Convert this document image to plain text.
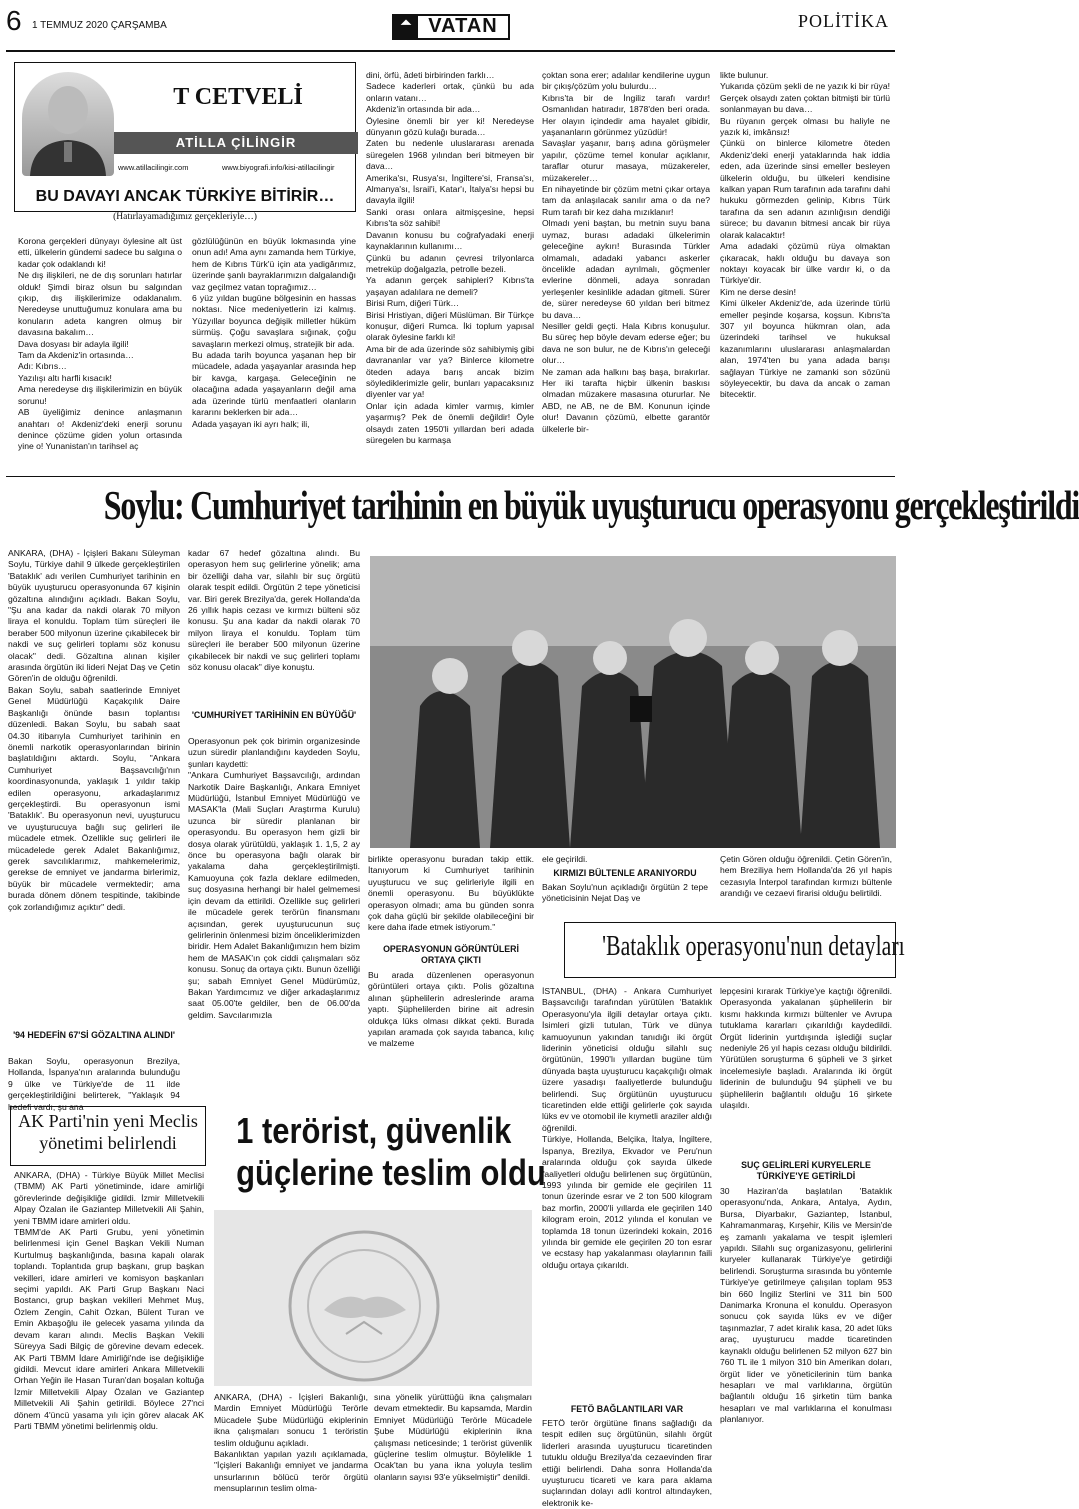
6 1 TEMMUZ 2020 ÇARŞAMBA	◢◣ VATAN	POLİTİKA
T CETVELİ
ATİLLA ÇİLİNGİR
www.atillacilingir.com	www.biyografi.info/kisi-atillacilingir
BU DAVAYI ANCAK TÜRKİYE BİTİRİR…
(Hatırlayamadığımız gerçekleriyle…)
Korona gerçekleri dünyayı öylesine alt üst etti, ülkelerin gündemi sadece bu salgına o kadar çok odaklandı ki!
Ne dış ilişkileri, ne de dış sorunları hatırlar olduk! Şimdi biraz olsun bu salgından çıkıp, dış ilişkilerimize odaklanalım. Neredeyse unuttuğumuz konulara ama bu konuların adeta kangren olmuş bir davasına bakalım…
Dava dosyası bir adayla ilgili!
Tam da Akdeniz'in ortasında…
Adı: Kıbrıs…
Yazılışı altı harfli kısacık!
Ama neredeyse dış ilişkilerimizin en büyük sorunu!
AB üyeliğimiz denince anlaşmanın anahtarı o! Akdeniz'deki enerji sorunu denince çözüme giden yolun ortasında yine o! Yunanistan'ın tarihsel aç
gözlülüğünün en büyük lokmasında yine onun adı! Ama aynı zamanda hem Türkiye, hem de Kıbrıs Türk'ü için ata yadigârımız, üzerinde şanlı bayraklarımızın dalgalandığı vaz geçilmez vatan toprağımız…
6 yüz yıldan bugüne bölgesinin en hassas noktası. Nice medeniyetlerin izi kalmış. Yüzyıllar boyunca değişik milletler hüküm sürmüş. Çoğu savaşlara sığınak, çoğu savaşların merkezi olmuş, stratejik bir ada.
Bu adada tarih boyunca yaşanan hep bir mücadele, adada yaşayanlar arasında hep bir kavga, kargaşa. Geleceğinin ne olacağına adada yaşayanların değil ama ada üzerinde türlü menfaatleri olanların kararını beklerken bir ada…
Adada yaşayan iki ayrı halk; ili,
dini, örfü, âdeti birbirinden farklı…
Sadece kaderleri ortak, çünkü bu ada onların vatanı…
Akdeniz'in ortasında bir ada…
Öylesine önemli bir yer ki! Neredeyse dünyanın gözü kulağı burada…
Zaten bu nedenle uluslararası arenada süregelen 1968 yılından beri bitmeyen bir dava…
Amerika'sı, Rusya'sı, İngiltere'si, Fransa'sı, Almanya'sı, İsrail'i, Katar'ı, İtalya'sı hepsi bu davayla ilgili!
Sanki orası onlara aitmişçesine, hepsi Kıbrıs'ta söz sahibi!
Davanın konusu bu coğrafyadaki enerji kaynaklarının kullanımı…
Çünkü bu adanın çevresi trilyonlarca metreküp doğalgazla, petrolle bezeli.
Ya adanın gerçek sahipleri? Kıbrıs'ta yaşayan adalılara ne demeli?
Birisi Rum, diğeri Türk…
Birisi Hristiyan, diğeri Müslüman. Bir Türkçe konuşur, diğeri Rumca. İki toplum yapısal olarak öylesine farklı ki!
Ama bir de ada üzerinde söz sahibiymiş gibi davrananlar var ya? Binlerce kilometre öteden adaya barış ancak bizim söylediklerimizle gelir, bunları yapacaksınız diyenler var ya!
Onlar için adada kimler varmış, kimler yaşarmış? Pek de önemli değildir! Öyle olsaydı zaten 1950'li yıllardan beri adada süregelen bu karmaşa
çoktan sona erer; adalılar kendilerine uygun bir çıkış/çözüm yolu bulurdu…
Kıbrıs'ta bir de İngiliz tarafı vardır! Osmanlıdan hatıradır, 1878'den beri orada. Her olayın içindedir ama hayalet gibidir, yaşananların görünmez yüzüdür!
Savaşlar yaşanır, barış adına görüşmeler yapılır, çözüme temel konular açıklanır, taraflar oturur masaya, müzakereler, müzakereler…
En nihayetinde bir çözüm metni çıkar ortaya tam da anlaşılacak sanılır ama o da ne? Rum tarafı bir kez daha mızıklanır!
Olmadı yeni baştan, bu metnin suyu bana uymaz, burası adadaki ülkelerimin geleceğine aykırı! Burasında Türkler olmamalı, adadaki yabancı askerler öncelikle adadan ayrılmalı, göçmenler evlerine dönmeli, adaya sonradan yerleşenler kesinlikle adadan gitmeli. Sürer de, sürer neredeyse 60 yıldan beri bitmez bu dava…
Nesiller geldi geçti. Hala Kıbrıs konuşulur. Bu süreç hep böyle devam ederse eğer; bu dava ne son bulur, ne de Kıbrıs'ın geleceği olur…
Ne zaman ada halkını baş başa, bırakırlar. Her iki tarafta hiçbir ülkenin baskısı olmadan müzakere masasına otururlar. Ne ABD, ne AB, ne de BM. Konunun içinde olur! Davanın çözümü, elbette garantör ülkelerle bir-
likte bulunur.
Yukarıda çözüm şekli de ne yazık ki bir rüya! Gerçek olsaydı zaten çoktan bitmişti bir türlü sonlanmayan bu dava…
Bu rüyanın gerçek olması bu haliyle ne yazık ki, imkânsız!
Çünkü on binlerce kilometre öteden Akdeniz'deki enerji yataklarında hak iddia eden, ada üzerinde sinsi emeller besleyen ülkelerin olduğu, bu ülkeleri kendisine kalkan yapan Rum tarafının ada tarafını dahi hukuku görmezden gelinip, Kıbrıs Türk tarafına da sen adanın azınlığısın dendiği sürece; bu davanın bitmesi ancak bir rüya olarak kalacaktır!
Ama adadaki çözümü rüya olmaktan çıkaracak, haklı olduğu bu davaya son noktayı koyacak bir ülke vardır ki, o da Türkiye'dir.
Kim ne derse desin!
Kimi ülkeler Akdeniz'de, ada üzerinde türlü emeller peşinde koşarsa, koşsun. Kıbrıs'ta 307 yıl boyunca hükmran olan, ada üzerindeki tarihsel ve hukuksal kazanımlarını uluslararası anlaşmalardan alan, 1974'ten bu yana adada barışı sağlayan Türkiye ne zamanki son sözünü söyleyecektir, bu dava da ancak o zaman bitecektir.
Soylu: Cumhuriyet tarihinin en büyük uyuşturucu operasyonu gerçekleştirildi
ANKARA, (DHA) - İçişleri Bakanı Süleyman Soylu, Türkiye dahil 9 ülkede gerçekleştirilen 'Bataklık' adı verilen Cumhuriyet tarihinin en büyük uyuşturucu operasyonunda 67 kişinin gözaltına alındığını açıkladı. Bakan Soylu, "Şu ana kadar da nakdi olarak 70 milyon liraya el konuldu. Toplam tüm süreçleri ile beraber 500 milyonun üzerine çıkabilecek bir nakdi ve suç gelirleri toplamı söz konusu olacak" dedi. Gözaltına alınan kişiler arasında örgütün iki lideri Nejat Daş ve Çetin Gören'in de olduğu öğrenildi.
Bakan Soylu, sabah saatlerinde Emniyet Genel Müdürlüğü Kaçakçılık Daire Başkanlığı önünde basın toplantısı düzenledi. Bakan Soylu, bu sabah saat 04.30 itibarıyla Cumhuriyet tarihinin en önemli narkotik operasyonlarından birinin başlatıldığını aktardı. Soylu, "Ankara Cumhuriyet Başsavcılığı'nın koordinasyonunda, yaklaşık 1 yıldır takip edilen operasyonu, arkadaşlarımız gerçekleştirdi. Bu operasyonun ismi 'Bataklık'. Bu operasyonun nevi, uyuşturucu ve uyuşturucuya bağlı suç gelirleri ile mücadele etmek. Özellikle suç gelirleri ile mücadelede gerek Adalet Bakanlığımız, gerek savcılıklarımız, mahkemelerimiz, gerekse de emniyet ve jandarma birlerimiz, büyük bir mücadele vermektedir; ama burada dönem dönem tespitinde, takibinde çok zorlandığımız açıktır" dedi.
'94 HEDEFİN 67'Sİ GÖZALTINA ALINDI'
Bakan Soylu, operasyonun Brezilya, Hollanda, İspanya'nın aralarında bulunduğu 9 ülke ve Türkiye'de de 11 ilde gerçekleştirildiğini belirterek, "Yaklaşık 94 hedefi vardı, şu ana
kadar 67 hedef gözaltına alındı. Bu operasyon hem suç gelirlerine yönelik; ama bir özelliği daha var, silahlı bir suç örgütü olarak tespit edildi. Örgütün 2 tepe yöneticisi var. Biri gerek Brezilya'da, gerek Hollanda'da 26 yıllık hapis cezası ve kırmızı bülteni söz konusu. Şu ana kadar da nakdi olarak 70 milyon liraya el konuldu. Toplam tüm süreçleri ile beraber 500 milyonun üzerine çıkabilecek bir nakdi ve suç gelirleri toplamı söz konusu olacak" diye konuştu.
'CUMHURİYET TARİHİNİN EN BÜYÜĞÜ'
Operasyonun pek çok birimin organizesinde uzun süredir planlandığını kaydeden Soylu, şunları kaydetti:
"Ankara Cumhuriyet Başsavcılığı, ardından Narkotik Daire Başkanlığı, Ankara Emniyet Müdürlüğü, İstanbul Emniyet Müdürlüğü ve MASAK'la (Mali Suçları Araştırma Kurulu) uzunca bir süredir planlanan bir operasyondu. Bu operasyon hem gizli bir dosya olarak yürütüldü, yaklaşık 1. 1,5, 2 ay önce bu operasyona bağlı olarak bir yakalama daha gerçekleştirilmişti. Kamuoyuna çok fazla deklare edilmeden, suç dosyasına herhangi bir halel gelmemesi için devam da ettirildi. Özellikle suç gelirleri ile mücadele gerek terörün finansmanı açısından, gerek uyuşturucunun suç gelirlerinin önlenmesi bizim önceliklerimizden biridir. Hem Adalet Bakanlığımızın hem bizim hem de MASAK'ın çok ciddi çalışmaları söz konusu. Sonuç da ortaya çıktı. Bunun özelliği şu; sabah Emniyet Genel Müdürümüz, Bakan Yardımcımız ve diğer arkadaşlarımız saat 05.00'te geldiler, ben de 06.00'da geldim. Savcılarımızla
birlikte operasyonu buradan takip ettik. İtanıyorum ki Cumhuriyet tarihinin uyuşturucu ve suç gelirleriyle ilgili en önemli operasyonu. Bu büyüklükte operasyon olmadı; ama bu günden sonra çok daha güçlü bir şekilde olabileceğini bir kere daha ifade etmek istiyorum."
OPERASYONUN GÖRÜNTÜLERİ ORTAYA ÇIKTI
Bu arada düzenlenen operasyonun görüntüleri ortaya çıktı. Polis gözaltına alınan şüphelilerin adreslerinde arama yaptı. Şüphelilerden birine ait adresin oldukça lüks olması dikkat çekti. Burada yapılan aramada çok sayıda tabanca, kılıç ve malzeme
ele geçirildi.
KIRMIZI BÜLTENLE ARANIYORDU
Bakan Soylu'nun açıkladığı örgütün 2 tepe yöneticisinin Nejat Daş ve
Çetin Gören olduğu öğrenildi. Çetin Gören'in, hem Breziliya hem Hollanda'da 26 yıl hapis cezasıyla İnterpol tarafından kırmızı bültenle arandığı ve cezaevi firarisi olduğu belirtildi.
'Bataklık operasyonu'nun detayları
İSTANBUL, (DHA) - Ankara Cumhuriyet Başsavcılığı tarafından yürütülen 'Bataklık Operasyonu'yla ilgili detaylar ortaya çıktı. İsimleri gizli tutulan, Türk ve dünya kamuoyunun yakından tanıdığı iki örgüt liderinin yöneticisi olduğu silahlı suç örgütünün, 1990'lı yıllardan bugüne tüm dünyada başta uyuşturucu kaçakçılığı olmak üzere yasadışı faaliyetlerde bulunduğu belirlendi. Suç örgütünün uyuşturucu ticaretinden elde ettiği gelirlerle çok sayıda lüks ev ve otomobil ile kıymetli araziler aldığı öğrenildi.
Türkiye, Hollanda, Belçika, İtalya, İngiltere, İspanya, Brezilya, Ekvador ve Peru'nun aralarında olduğu çok sayıda ülkede faaliyetleri olduğu belirlenen suç örgütünün, 1993 yılında bir gemide ele geçirilen 11 tonun üzerinde esrar ve 2 ton 500 kilogram baz morfin, 2000'li yıllarda ele geçirilen 140 kilogram eroin, 2012 yılında el konulan ve toplamda 18 tonun üzerindeki kokain, 2016 yılında bir gemide ele geçirilen 20 ton esrar ve ecstasy hap yakalanması olaylarının faili olduğu ortaya çıkarıldı.
FETÖ BAĞLANTILARI VAR
FETÖ terör örgütüne finans sağladığı da tespit edilen suç örgütünün, silahlı örgüt liderleri arasında uyuşturucu ticaretinden tutuklu olduğu Brezilya'da cezaevinden firar ettiği belirlendi. Daha sonra Hollanda'da uyuşturucu ticareti ve kara para aklama suçlarından dolayı adli kontrol altındayken, elektronik ke-
lepçesini kırarak Türkiye'ye kaçtığı öğrenildi. Operasyonda yakalanan şüphelilerin bir kısmı hakkında kırmızı bültenler ve Avrupa tutuklama kararları çıkarıldığı kaydedildi. Örgüt liderinin yurtdışında işlediği suçlar nedeniyle 26 yıl hapis cezası olduğu bildirildi. Yürütülen soruşturma 6 şüpheli ve 3 şirket incelemesiyle başladı. Aralarında iki örgüt liderinin de bulunduğu 94 şüpheli ve bu şüphelilerin bağlantılı olduğu 16 şirkete ulaşıldı.
SUÇ GELİRLERİ KURYELERLE TÜRKİYE'YE GETİRİLDİ
30 Haziran'da başlatılan 'Bataklık operasyonu'nda, Ankara, Antalya, Aydın, Bursa, Diyarbakır, Gaziantep, İstanbul, Kahramanmaraş, Kırşehir, Kilis ve Mersin'de eş zamanlı yakalama ve tespit işlemleri yapıldı. Silahlı suç organizasyonu, gelirlerini kuryeler kullanarak Türkiye'ye getirdiği belirlendi. Soruşturma sırasında bu yöntemle Türkiye'ye getirilmeye çalışılan toplam 953 bin 660 İngiliz Sterlini ve 311 bin 500 Danimarka Kronuna el konuldu. Operasyon sonucu çok sayıda lüks ev ve diğer taşınmazlar, 7 adet kiralık kasa, 20 adet lüks araç, uyuşturucu madde ticaretinden kaynaklı olduğu belirlenen 52 milyon 627 bin 760 TL ile 1 milyon 310 bin Amerikan doları, örgüt lider ve yöneticilerinin tüm banka hesapları ve mal varlıklarına, örgütün bağlantılı olduğu 16 şirketin tüm banka hesapları ve mal varlıklarına el konulması planlanıyor.
AK Parti'nin yeni Meclis yönetimi belirlendi
ANKARA, (DHA) - Türkiye Büyük Millet Meclisi (TBMM) AK Parti yönetiminde, idare amirliği görevlerinde değişikliğe gidildi. İzmir Milletvekili Alpay Özalan ile Gaziantep Milletvekili Ali Şahin, yeni TBMM idare amirleri oldu.
TBMM'de AK Parti Grubu, yeni yönetimin belirlenmesi için Genel Başkan Vekili Numan Kurtulmuş başkanlığında, basına kapalı olarak toplandı. Toplantıda grup başkanı, grup başkan vekilleri, idare amirleri ve komisyon başkanları seçimi yapıldı. AK Parti Grup Başkanı Naci Bostancı, grup başkan vekilleri Mehmet Muş, Özlem Zengin, Cahit Özkan, Bülent Turan ve Emin Akbaşoğlu ile gelecek yasama yılında da devam kararı alındı. Meclis Başkan Vekili Süreyya Sadi Bilgiç de görevine devam edecek. AK Parti TBMM İdare Amirliği'nde ise değişikliğe gidildi. Mevcut idare amirleri Ankara Milletvekili Orhan Yeğin ile Hasan Turan'dan boşalan koltuğa İzmir Milletvekili Alpay Özalan ve Gaziantep Milletvekili Ali Şahin getirildi. Böylece 27'nci dönem 4'üncü yasama yılı için görev alacak AK Parti TBMM yönetimi belirlenmiş oldu.
1 terörist, güvenlik
güçlerine teslim oldu
ANKARA, (DHA) - İçişleri Bakanlığı, Mardin Emniyet Müdürlüğü Terörle Mücadele Şube Müdürlüğü ekiplerinin ikna çalışmaları sonucu 1 teröristin teslim olduğunu açıkladı.
Bakanlıktan yapılan yazılı açıklamada, "İçişleri Bakanlığı emniyet ve jandarma unsurlarının bölücü terör örgütü mensuplarının teslim olma-
sına yönelik yürüttüğü ikna çalışmaları devam etmektedir. Bu kapsamda, Mardin Emniyet Müdürlüğü Terörle Mücadele Şube Müdürlüğü ekiplerinin ikna çalışması neticesinde; 1 terörist güvenlik güçlerine teslim olmuştur. Böylelikle 1 Ocak'tan bu yana ikna yoluyla teslim olanların sayısı 93'e yükselmiştir" denildi.
